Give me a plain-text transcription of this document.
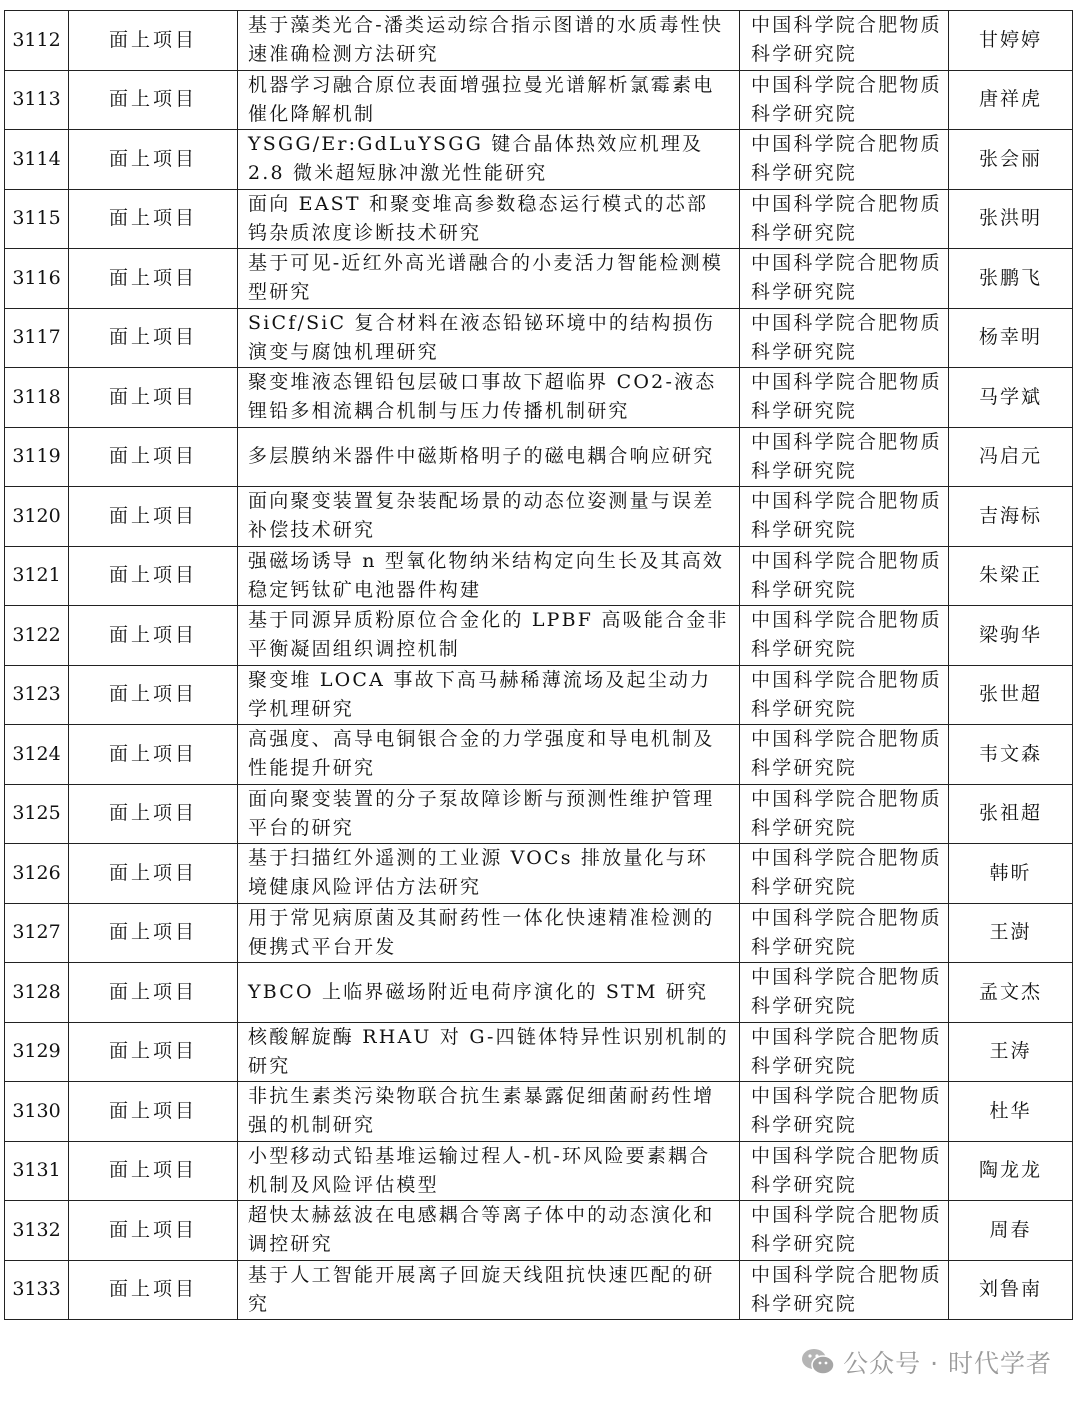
3112	面上项目	基于藻类光合-潘类运动综合指示图谱的水质毒性快速准确检测方法研究	中国科学院合肥物质科学研究院	甘婷婷
3113	面上项目	机器学习融合原位表面增强拉曼光谱解析氯霉素电催化降解机制	中国科学院合肥物质科学研究院	唐祥虎
3114	面上项目	YSGG/Er:GdLuYSGG 键合晶体热效应机理及 2.8 微米超短脉冲激光性能研究	中国科学院合肥物质科学研究院	张会丽
3115	面上项目	面向 EAST 和聚变堆高参数稳态运行模式的芯部钨杂质浓度诊断技术研究	中国科学院合肥物质科学研究院	张洪明
3116	面上项目	基于可见-近红外高光谱融合的小麦活力智能检测模型研究	中国科学院合肥物质科学研究院	张鹏飞
3117	面上项目	SiCf/SiC 复合材料在液态铅铋环境中的结构损伤演变与腐蚀机理研究	中国科学院合肥物质科学研究院	杨幸明
3118	面上项目	聚变堆液态锂铅包层破口事故下超临界 CO2-液态锂铅多相流耦合机制与压力传播机制研究	中国科学院合肥物质科学研究院	马学斌
3119	面上项目	多层膜纳米器件中磁斯格明子的磁电耦合响应研究	中国科学院合肥物质科学研究院	冯启元
3120	面上项目	面向聚变装置复杂装配场景的动态位姿测量与误差补偿技术研究	中国科学院合肥物质科学研究院	吉海标
3121	面上项目	强磁场诱导 n 型氧化物纳米结构定向生长及其高效稳定钙钛矿电池器件构建	中国科学院合肥物质科学研究院	朱梁正
3122	面上项目	基于同源异质粉原位合金化的 LPBF 高吸能合金非平衡凝固组织调控机制	中国科学院合肥物质科学研究院	梁驹华
3123	面上项目	聚变堆 LOCA 事故下高马赫稀薄流场及起尘动力学机理研究	中国科学院合肥物质科学研究院	张世超
3124	面上项目	高强度、高导电铜银合金的力学强度和导电机制及性能提升研究	中国科学院合肥物质科学研究院	韦文森
3125	面上项目	面向聚变装置的分子泵故障诊断与预测性维护管理平台的研究	中国科学院合肥物质科学研究院	张祖超
3126	面上项目	基于扫描红外遥测的工业源 VOCs 排放量化与环境健康风险评估方法研究	中国科学院合肥物质科学研究院	韩昕
3127	面上项目	用于常见病原菌及其耐药性一体化快速精准检测的便携式平台开发	中国科学院合肥物质科学研究院	王澍
3128	面上项目	YBCO 上临界磁场附近电荷序演化的 STM 研究	中国科学院合肥物质科学研究院	孟文杰
3129	面上项目	核酸解旋酶 RHAU 对 G-四链体特异性识别机制的研究	中国科学院合肥物质科学研究院	王涛
3130	面上项目	非抗生素类污染物联合抗生素暴露促细菌耐药性增强的机制研究	中国科学院合肥物质科学研究院	杜华
3131	面上项目	小型移动式铅基堆运输过程人-机-环风险要素耦合机制及风险评估模型	中国科学院合肥物质科学研究院	陶龙龙
3132	面上项目	超快太赫兹波在电感耦合等离子体中的动态演化和调控研究	中国科学院合肥物质科学研究院	周春
3133	面上项目	基于人工智能开展离子回旋天线阻抗快速匹配的研究	中国科学院合肥物质科学研究院	刘鲁南
公众号 · 时代学者
